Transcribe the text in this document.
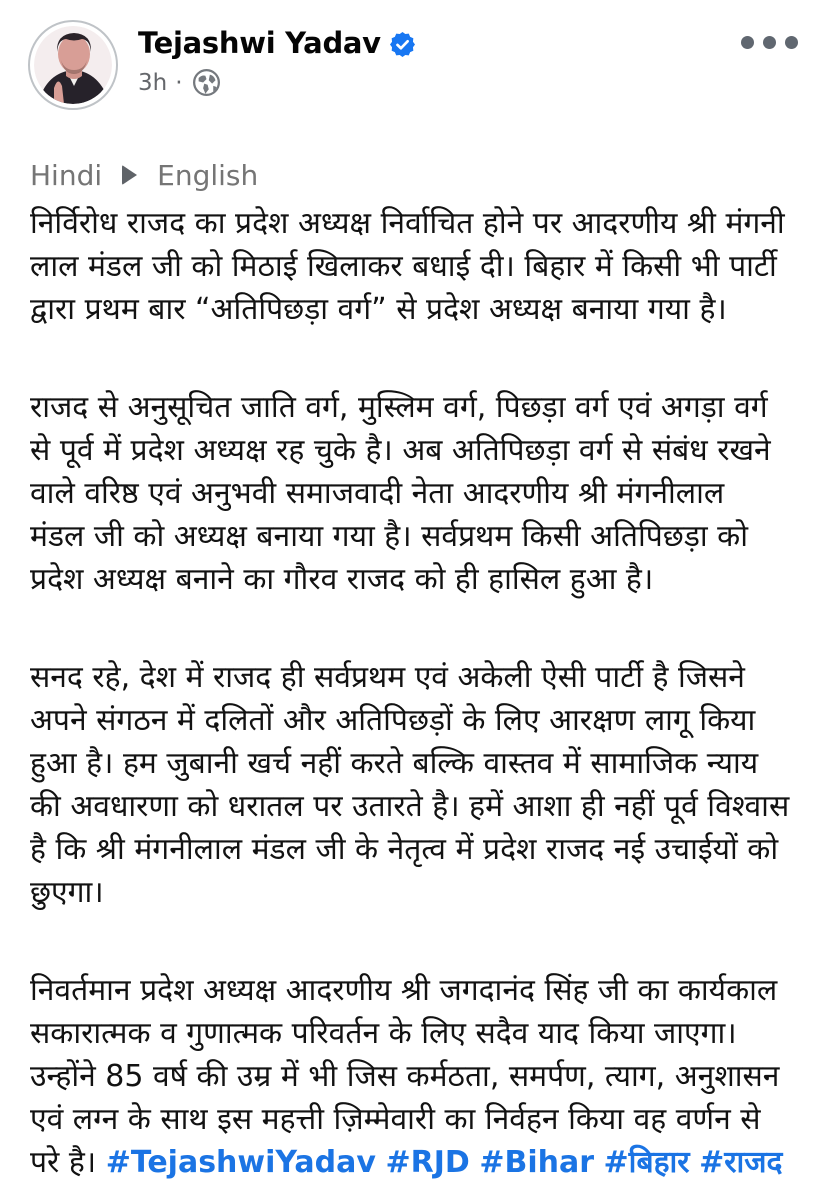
Tejashwi Yadav
3h ·
Hindi English
निर्विरोध राजद का प्रदेश अध्यक्ष निर्वाचित होने पर आदरणीय श्री मंगनी
लाल मंडल जी को मिठाई खिलाकर बधाई दी। बिहार में किसी भी पार्टी
द्वारा प्रथम बार “अतिपिछड़ा वर्ग” से प्रदेश अध्यक्ष बनाया गया है।
राजद से अनुसूचित जाति वर्ग, मुस्लिम वर्ग, पिछड़ा वर्ग एवं अगड़ा वर्ग
से पूर्व में प्रदेश अध्यक्ष रह चुके है। अब अतिपिछड़ा वर्ग से संबंध रखने
वाले वरिष्ठ एवं अनुभवी समाजवादी नेता आदरणीय श्री मंगनीलाल
मंडल जी को अध्यक्ष बनाया गया है। सर्वप्रथम किसी अतिपिछड़ा को
प्रदेश अध्यक्ष बनाने का गौरव राजद को ही हासिल हुआ है।
सनद रहे, देश में राजद ही सर्वप्रथम एवं अकेली ऐसी पार्टी है जिसने
अपने संगठन में दलितों और अतिपिछड़ों के लिए आरक्षण लागू किया
हुआ है। हम जुबानी खर्च नहीं करते बल्कि वास्तव में सामाजिक न्याय
की अवधारणा को धरातल पर उतारते है। हमें आशा ही नहीं पूर्व विश्वास
है कि श्री मंगनीलाल मंडल जी के नेतृत्व में प्रदेश राजद नई उचाईयों को
छुएगा।
निवर्तमान प्रदेश अध्यक्ष आदरणीय श्री जगदानंद सिंह जी का कार्यकाल
सकारात्मक व गुणात्मक परिवर्तन के लिए सदैव याद किया जाएगा।
उन्होंने 85 वर्ष की उम्र में भी जिस कर्मठता, समर्पण, त्याग, अनुशासन
एवं लग्न के साथ इस महत्ती ज़िम्मेवारी का निर्वहन किया वह वर्णन से
परे है। #TejashwiYadav #RJD #Bihar #बिहार #राजद
